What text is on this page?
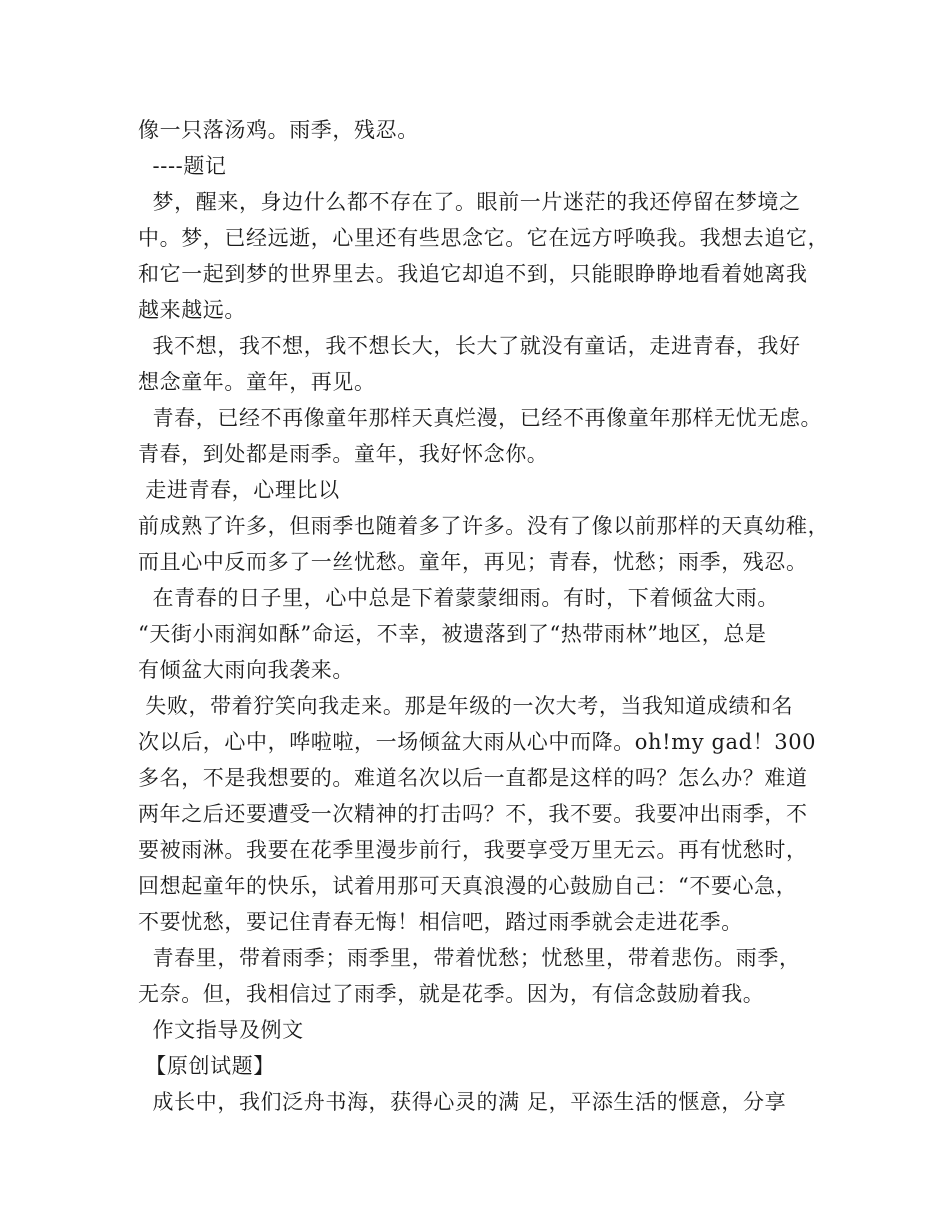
像一只落汤鸡。雨季，残忍。
----题记
梦，醒来，身边什么都不存在了。眼前一片迷茫的我还停留在梦境之
中。梦，已经远逝，心里还有些思念它。它在远方呼唤我。我想去追它，
和它一起到梦的世界里去。我追它却追不到，只能眼睁睁地看着她离我
越来越远。
我不想，我不想，我不想长大，长大了就没有童话，走进青春，我好
想念童年。童年，再见。
青春，已经不再像童年那样天真烂漫，已经不再像童年那样无忧无虑。
青春，到处都是雨季。童年，我好怀念你。
走进青春，心理比以
前成熟了许多，但雨季也随着多了许多。没有了像以前那样的天真幼稚，
而且心中反而多了一丝忧愁。童年，再见；青春，忧愁；雨季，残忍。
在青春的日子里，心中总是下着蒙蒙细雨。有时，下着倾盆大雨。
“天街小雨润如酥”命运，不幸，被遗落到了“热带雨林”地区，总是
有倾盆大雨向我袭来。
失败，带着狞笑向我走来。那是年级的一次大考，当我知道成绩和名
次以后，心中，哗啦啦，一场倾盆大雨从心中而降。oh!my gad！300
多名，不是我想要的。难道名次以后一直都是这样的吗？怎么办？难道
两年之后还要遭受一次精神的打击吗？不，我不要。我要冲出雨季，不
要被雨淋。我要在花季里漫步前行，我要享受万里无云。再有忧愁时，
回想起童年的快乐，试着用那可天真浪漫的心鼓励自己：“不要心急，
不要忧愁，要记住青春无悔！相信吧，踏过雨季就会走进花季。
青春里，带着雨季；雨季里，带着忧愁；忧愁里，带着悲伤。雨季，
无奈。但，我相信过了雨季，就是花季。因为，有信念鼓励着我。
作文指导及例文
【原创试题】
成长中，我们泛舟书海，获得心灵的满 足，平添生活的惬意，分享
